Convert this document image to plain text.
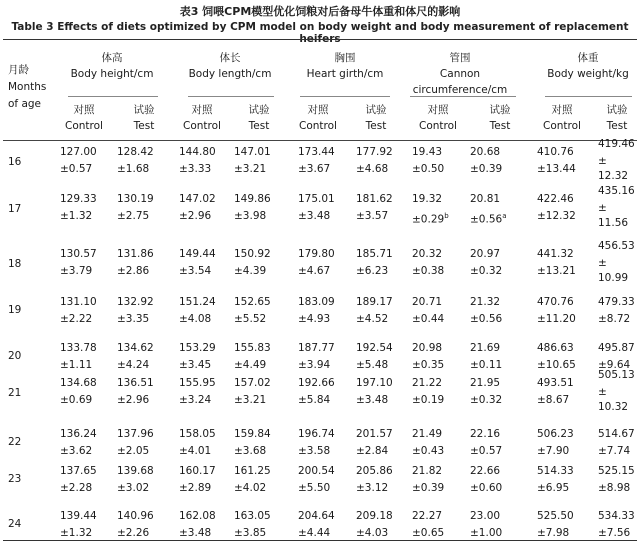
表3 饲喂CPM模型优化饲粮对后备母牛体重和体尺的影响
Table 3 Effects of diets optimized by CPM model on body weight and body measurement of replacement heifers
月龄
Months
of age
体高
Body height/cm
体长
Body length/cm
胸围
Heart girth/cm
管围
Cannon
circumference/cm
体重
Body weight/kg
对照
Control
试验
Test
对照
Control
试验
Test
对照
Control
试验
Test
对照
Control
试验
Test
对照
Control
试验
Test
16
127.00
±0.57
128.42
±1.68
144.80
±3.33
147.01
±3.21
173.44
±3.67
177.92
±4.68
19.43
±0.50
20.68
±0.39
410.76
±13.44
419.46
±
12.32
17
129.33
±1.32
130.19
±2.75
147.02
±2.96
149.86
±3.98
175.01
±3.48
181.62
±3.57
19.32
±0.29$^b$
20.81
±0.56$^a$
422.46
±12.32
435.16
±
11.56
18
130.57
±3.79
131.86
±2.86
149.44
±3.54
150.92
±4.39
179.80
±4.67
185.71
±6.23
20.32
±0.38
20.97
±0.32
441.32
±13.21
456.53
±
10.99
19
131.10
±2.22
132.92
±3.35
151.24
±4.08
152.65
±5.52
183.09
±4.93
189.17
±4.52
20.71
±0.44
21.32
±0.56
470.76
±11.20
479.33
±8.72
20
133.78
±1.11
134.62
±4.24
153.29
±3.45
155.83
±4.49
187.77
±3.94
192.54
±5.48
20.98
±0.35
21.69
±0.11
486.63
±10.65
495.87
±9.64
21
134.68
±0.69
136.51
±2.96
155.95
±3.24
157.02
±3.21
192.66
±5.84
197.10
±3.48
21.22
±0.19
21.95
±0.32
493.51
±8.67
505.13
±
10.32
22
136.24
±3.62
137.96
±2.05
158.05
±4.01
159.84
±3.68
196.74
±3.58
201.57
±2.84
21.49
±0.43
22.16
±0.57
506.23
±7.90
514.67
±7.74
23
137.65
±2.28
139.68
±3.02
160.17
±2.89
161.25
±4.02
200.54
±5.50
205.86
±3.12
21.82
±0.39
22.66
±0.60
514.33
±6.95
525.15
±8.98
24
139.44
±1.32
140.96
±2.26
162.08
±3.48
163.05
±3.85
204.64
±4.44
209.18
±4.03
22.27
±0.65
23.00
±1.00
525.50
±7.98
534.33
±7.56
